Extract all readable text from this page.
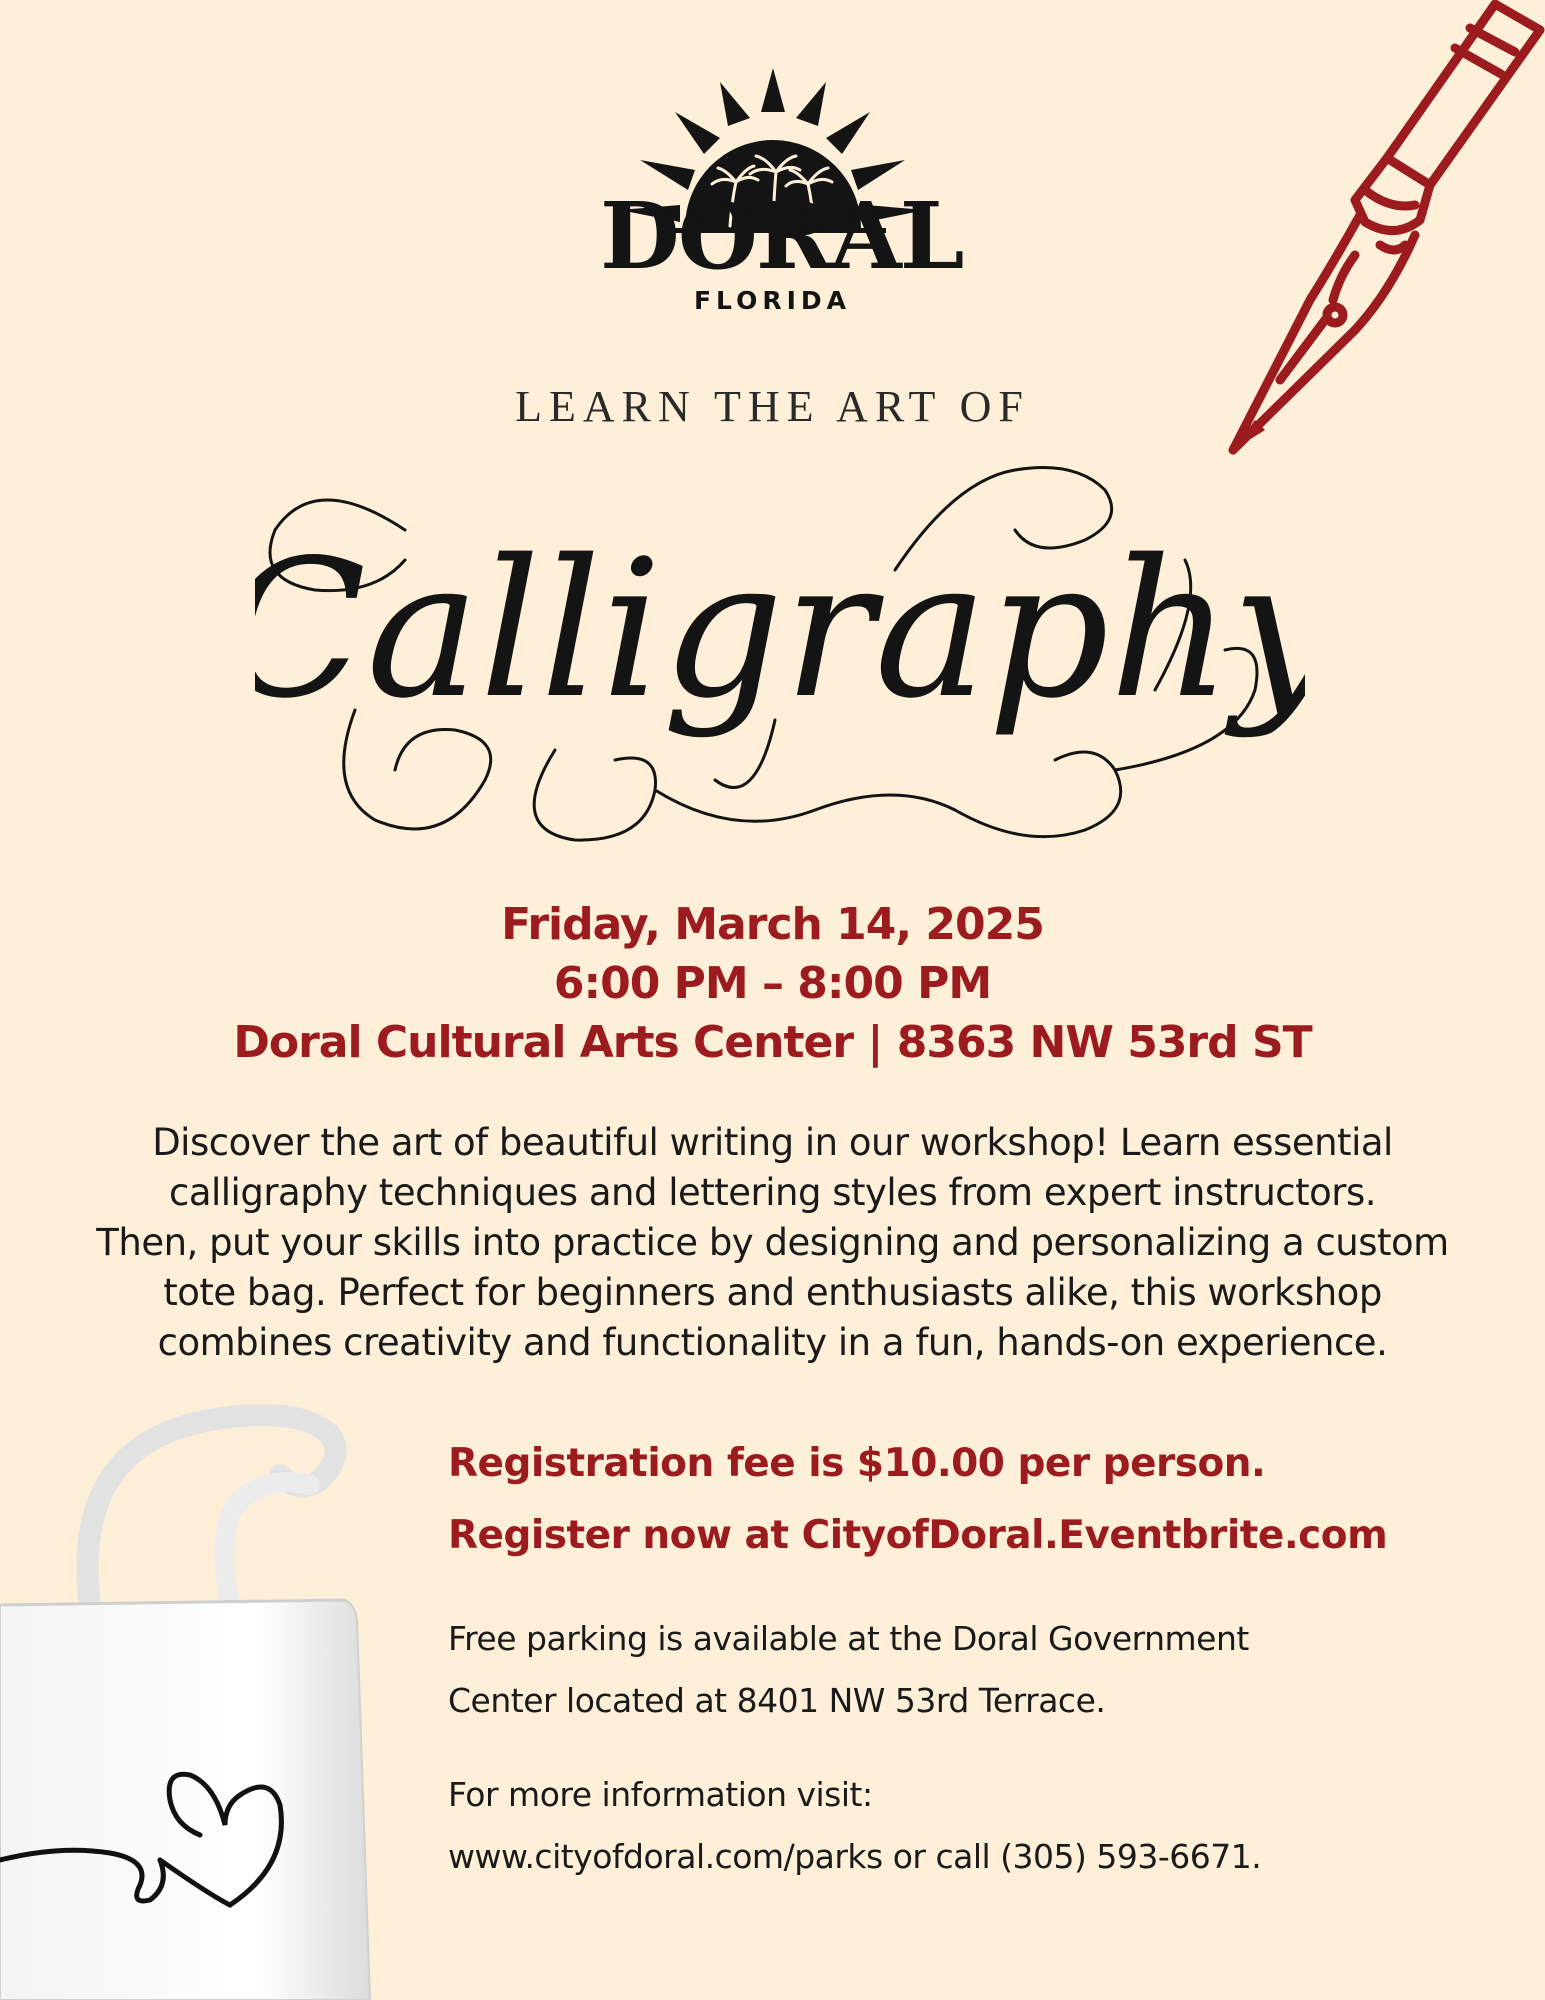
DORAL
FLORIDA
LEARN THE ART OF
Calligraphy
Friday, March 14, 2025
6:00 PM – 8:00 PM
Doral Cultural Arts Center | 8363 NW 53rd ST
Discover the art of beautiful writing in our workshop! Learn essential
calligraphy techniques and lettering styles from expert instructors.
Then, put your skills into practice by designing and personalizing a custom
tote bag. Perfect for beginners and enthusiasts alike, this workshop
combines creativity and functionality in a fun, hands-on experience.
Registration fee is $10.00 per person.
Register now at CityofDoral.Eventbrite.com
Free parking is available at the Doral Government
Center located at 8401 NW 53rd Terrace.
For more information visit:
www.cityofdoral.com/parks or call (305) 593-6671.
